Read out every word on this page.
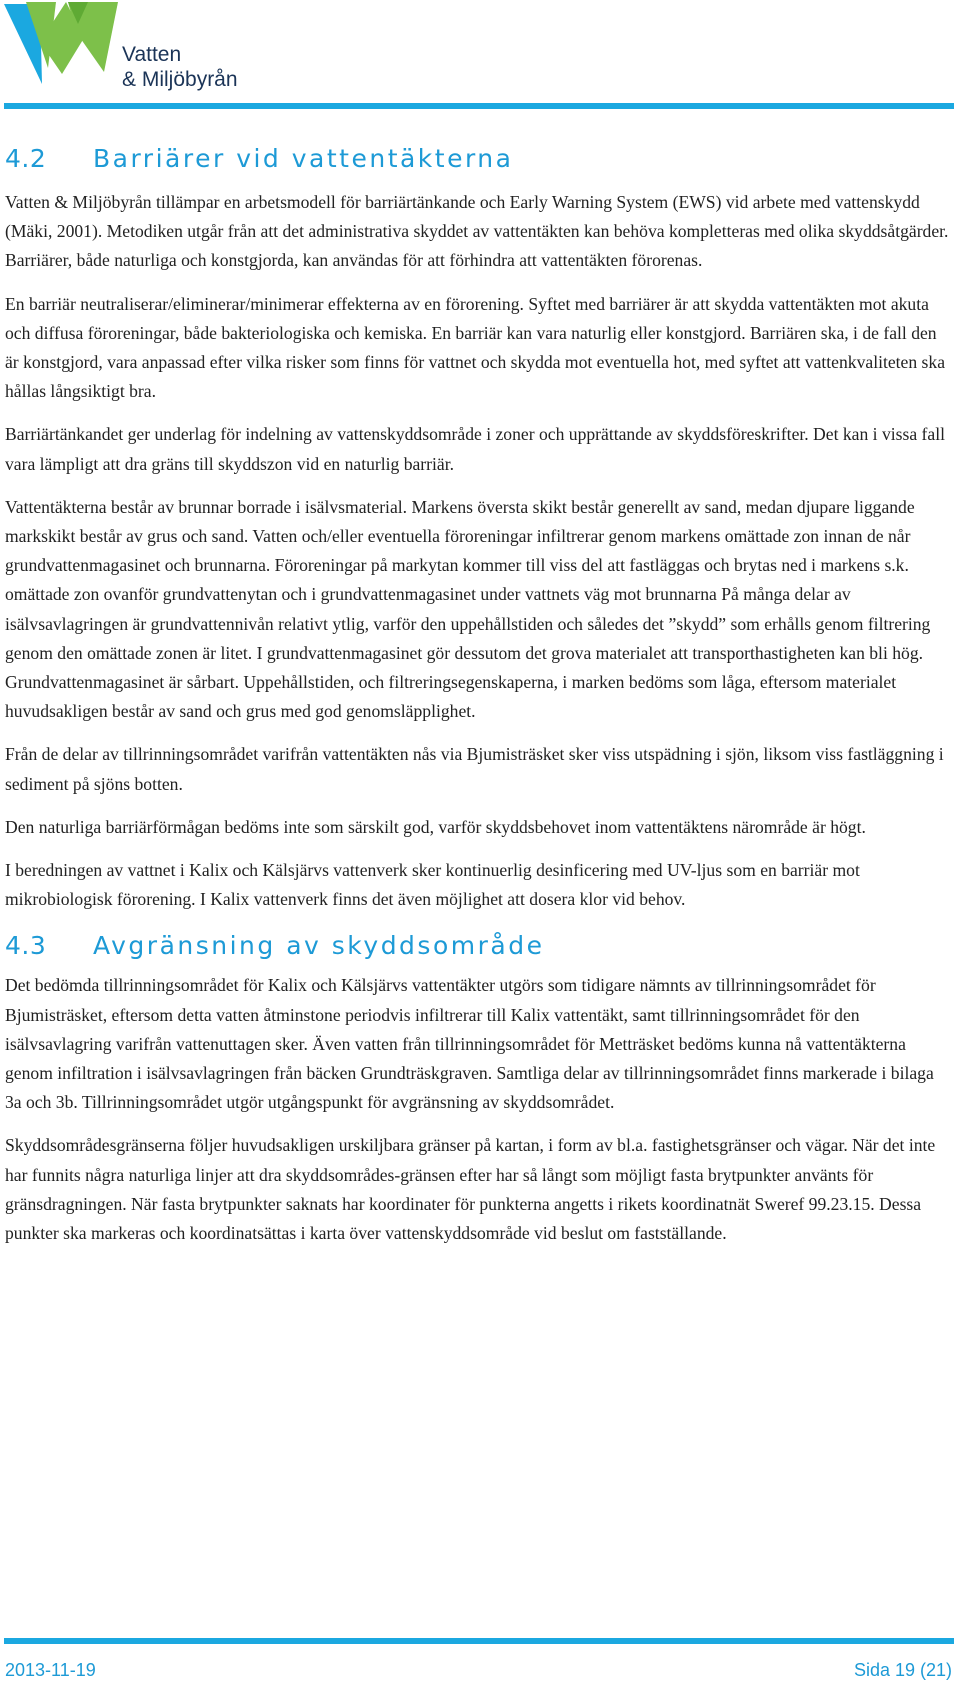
Vatten
& Miljöbyrån
4.2 Barriärer vid vattentäkterna

Vatten & Miljöbyrån tillämpar en arbetsmodell för barriärtänkande och Early Warning System (EWS) vid arbete med vattenskydd (Mäki, 2001). Metodiken utgår från att det administrativa skyddet av vattentäkten kan behöva kompletteras med olika skyddsåtgärder. Barriärer, både naturliga och konstgjorda, kan användas för att förhindra att vattentäkten förorenas.

En barriär neutraliserar/eliminerar/minimerar effekterna av en förorening. Syftet med barriärer är att skydda vattentäkten mot akuta och diffusa föroreningar, både bakteriologiska och kemiska. En barriär kan vara naturlig eller konstgjord. Barriären ska, i de fall den är konstgjord, vara anpassad efter vilka risker som finns för vattnet och skydda mot eventuella hot, med syftet att vattenkvaliteten ska hållas långsiktigt bra.

Barriärtänkandet ger underlag för indelning av vattenskyddsområde i zoner och upprättande av skyddsföreskrifter. Det kan i vissa fall vara lämpligt att dra gräns till skyddszon vid en naturlig barriär.

Vattentäkterna består av brunnar borrade i isälvsmaterial. Markens översta skikt består generellt av sand, medan djupare liggande markskikt består av grus och sand. Vatten och/eller eventuella föroreningar infiltrerar genom markens omättade zon innan de når grundvattenmagasinet och brunnarna. Föroreningar på markytan kommer till viss del att fastläggas och brytas ned i markens s.k. omättade zon ovanför grundvattenytan och i grundvattenmagasinet under vattnets väg mot brunnarna På många delar av isälvsavlagringen är grundvattennivån relativt ytlig, varför den uppehållstiden och således det ”skydd” som erhålls genom filtrering genom den omättade zonen är litet. I grundvattenmagasinet gör dessutom det grova materialet att transporthastigheten kan bli hög. Grundvattenmagasinet är sårbart. Uppehållstiden, och filtreringsegenskaperna, i marken bedöms som låga, eftersom materialet huvudsakligen består av sand och grus med god genomsläpplighet.

Från de delar av tillrinningsområdet varifrån vattentäkten nås via Bjumisträsket sker viss utspädning i sjön, liksom viss fastläggning i sediment på sjöns botten.

Den naturliga barriärförmågan bedöms inte som särskilt god, varför skyddsbehovet inom vattentäktens närområde är högt.

I beredningen av vattnet i Kalix och Kälsjärvs vattenverk sker kontinuerlig desinficering med UV-ljus som en barriär mot mikrobiologisk förorening. I Kalix vattenverk finns det även möjlighet att dosera klor vid behov.

4.3 Avgränsning av skyddsområde

Det bedömda tillrinningsområdet för Kalix och Kälsjärvs vattentäkter utgörs som tidigare nämnts av tillrinningsområdet för Bjumisträsket, eftersom detta vatten åtminstone periodvis infiltrerar till Kalix vattentäkt, samt tillrinningsområdet för den isälvsavlagring varifrån vattenuttagen sker. Även vatten från tillrinningsområdet för Metträsket bedöms kunna nå vattentäkterna genom infiltration i isälvsavlagringen från bäcken Grundträskgraven. Samtliga delar av tillrinningsområdet finns markerade i bilaga 3a och 3b. Tillrinningsområdet utgör utgångspunkt för avgränsning av skyddsområdet.

Skyddsområdesgränserna följer huvudsakligen urskiljbara gränser på kartan, i form av bl.a. fastighetsgränser och vägar. När det inte har funnits några naturliga linjer att dra skyddsområdes-gränsen efter har så långt som möjligt fasta brytpunkter använts för gränsdragningen. När fasta brytpunkter saknats har koordinater för punkterna angetts i rikets koordinatnät Sweref 99.23.15. Dessa punkter ska markeras och koordinatsättas i karta över vattenskyddsområde vid beslut om fastställande.

2013-11-19	Sida 19 (21)
